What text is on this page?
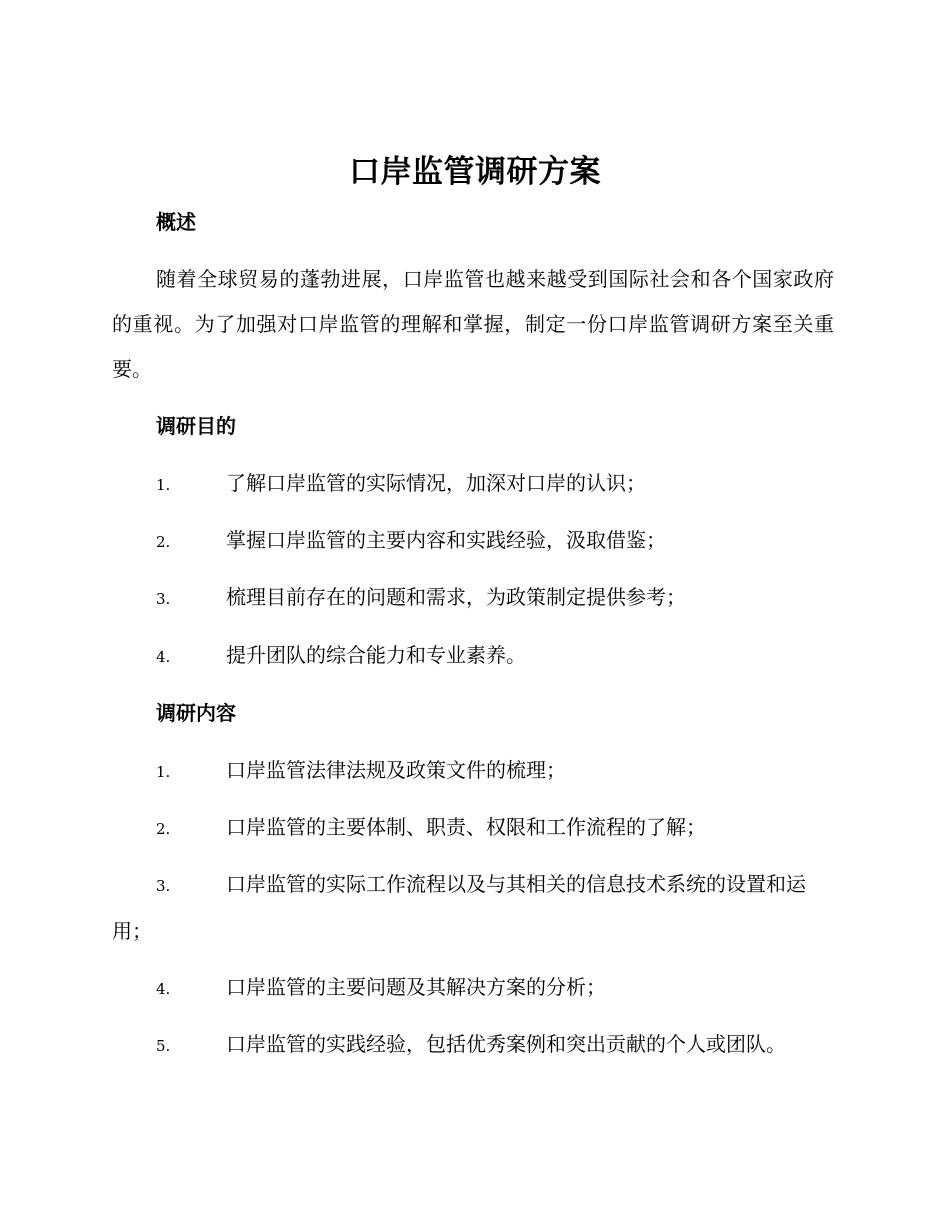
口岸监管调研方案
概述
随着全球贸易的蓬勃进展，口岸监管也越来越受到国际社会和各个国家政府的重视。为了加强对口岸监管的理解和掌握，制定一份口岸监管调研方案至关重要。
调研目的
1.	了解口岸监管的实际情况，加深对口岸的认识；
2.	掌握口岸监管的主要内容和实践经验，汲取借鉴；
3.	梳理目前存在的问题和需求，为政策制定提供参考；
4.	提升团队的综合能力和专业素养。
调研内容
1.	口岸监管法律法规及政策文件的梳理；
2.	口岸监管的主要体制、职责、权限和工作流程的了解；
3.	口岸监管的实际工作流程以及与其相关的信息技术系统的设置和运用；
4.	口岸监管的主要问题及其解决方案的分析；
5.	口岸监管的实践经验，包括优秀案例和突出贡献的个人或团队。
